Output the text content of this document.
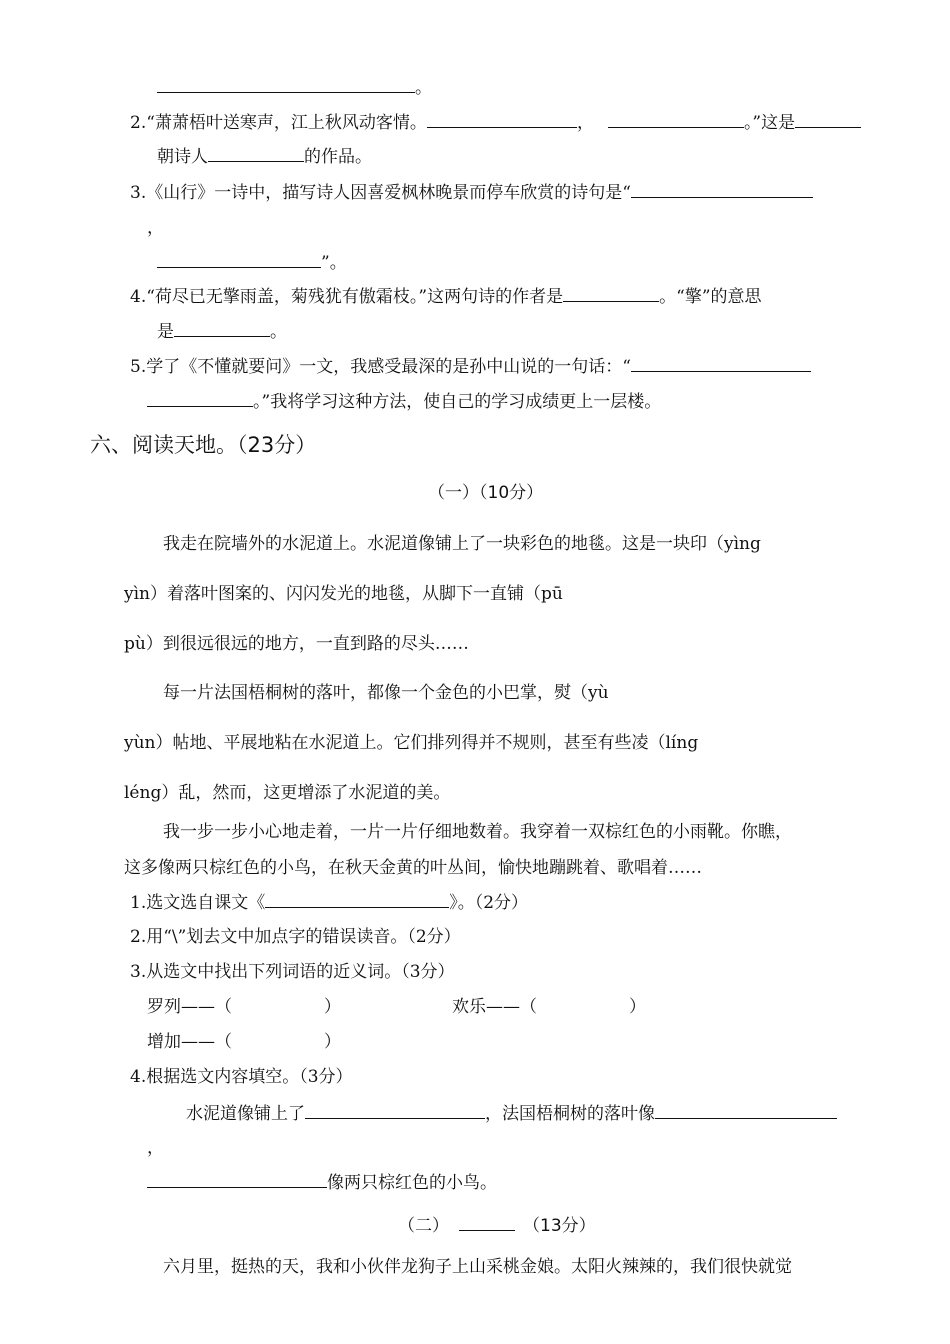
。
2.“萧萧梧叶送寒声，江上秋风动客情。	，	。”这是
朝诗人	的作品。
3.《山行》一诗中，描写诗人因喜爱枫林晚景而停车欣赏的诗句是“
，
”。
4.“荷尽已无擎雨盖，菊残犹有傲霜枝。”这两句诗的作者是	。“擎”的意思
是	。
5.学了《不懂就要问》一文，我感受最深的是孙中山说的一句话：“
。”我将学习这种方法，使自己的学习成绩更上一层楼。
六、阅读天地。（23分）
（一）（10分）
我走在院墙外的水泥道上。水泥道像铺上了一块彩色的地毯。这是一块印（yìng
yìn）着落叶图案的、闪闪发光的地毯，从脚下一直铺（pū
pù）到很远很远的地方，一直到路的尽头……
每一片法国梧桐树的落叶，都像一个金色的小巴掌，熨（yù
yùn）帖地、平展地粘在水泥道上。它们排列得并不规则，甚至有些凌（líng
léng）乱，然而，这更增添了水泥道的美。
我一步一步小心地走着，一片一片仔细地数着。我穿着一双棕红色的小雨靴。你瞧，
这多像两只棕红色的小鸟，在秋天金黄的叶丛间，愉快地蹦跳着、歌唱着……
1.选文选自课文《	》。（2分）
2.用“\”划去文中加点字的错误读音。（2分）
3.从选文中找出下列词语的近义词。（3分）
罗列——（	）	欢乐——（	）
增加——（	）
4.根据选文内容填空。（3分）
水泥道像铺上了	，法国梧桐树的落叶像
，
像两只棕红色的小鸟。
（二）	（13分）
六月里，挺热的天，我和小伙伴龙狗子上山采桃金娘。太阳火辣辣的，我们很快就觉
